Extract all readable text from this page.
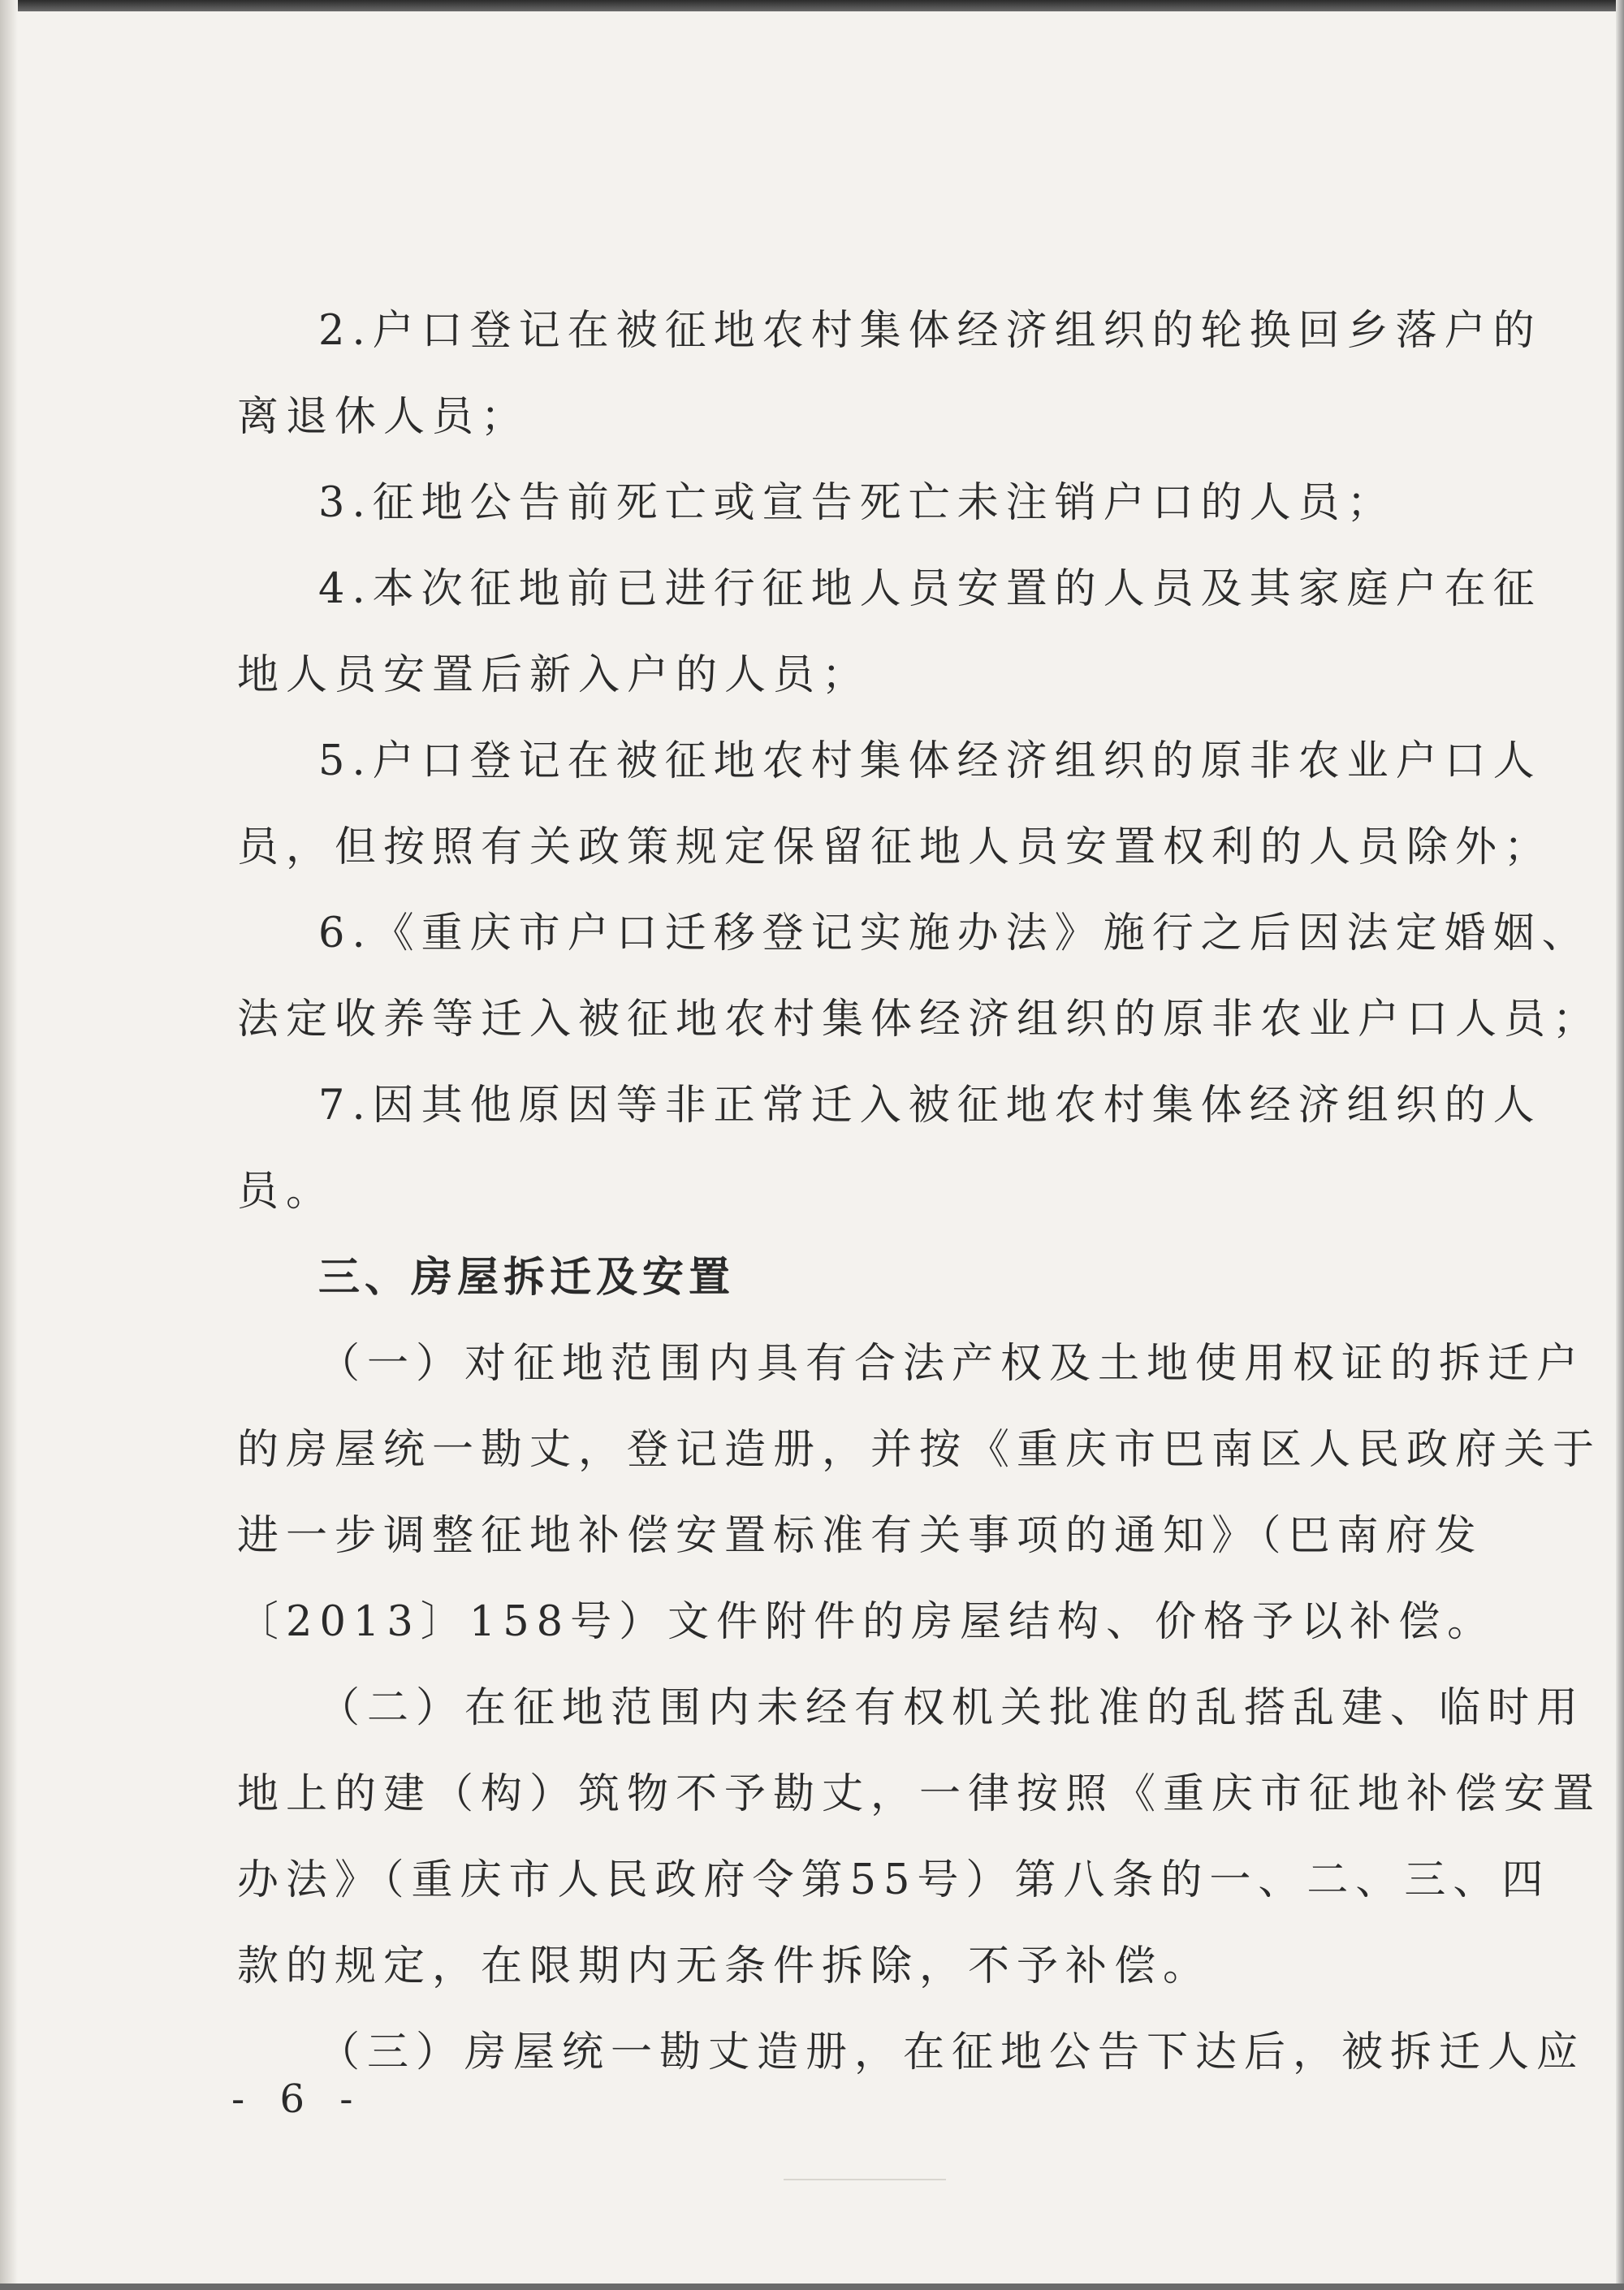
2.户口登记在被征地农村集体经济组织的轮换回乡落户的
离退休人员；
3.征地公告前死亡或宣告死亡未注销户口的人员；
4.本次征地前已进行征地人员安置的人员及其家庭户在征
地人员安置后新入户的人员；
5.户口登记在被征地农村集体经济组织的原非农业户口人
员，但按照有关政策规定保留征地人员安置权利的人员除外；
6.《重庆市户口迁移登记实施办法》施行之后因法定婚姻、
法定收养等迁入被征地农村集体经济组织的原非农业户口人员；
7.因其他原因等非正常迁入被征地农村集体经济组织的人
员。
三、房屋拆迁及安置
（一）对征地范围内具有合法产权及土地使用权证的拆迁户
的房屋统一勘丈，登记造册，并按《重庆市巴南区人民政府关于
进一步调整征地补偿安置标准有关事项的通知》（巴南府发
〔2013〕158号）文件附件的房屋结构、价格予以补偿。
（二）在征地范围内未经有权机关批准的乱搭乱建、临时用
地上的建（构）筑物不予勘丈，一律按照《重庆市征地补偿安置
办法》（重庆市人民政府令第55号）第八条的一、二、三、四
款的规定，在限期内无条件拆除，不予补偿。
（三）房屋统一勘丈造册，在征地公告下达后，被拆迁人应
- 6 -
